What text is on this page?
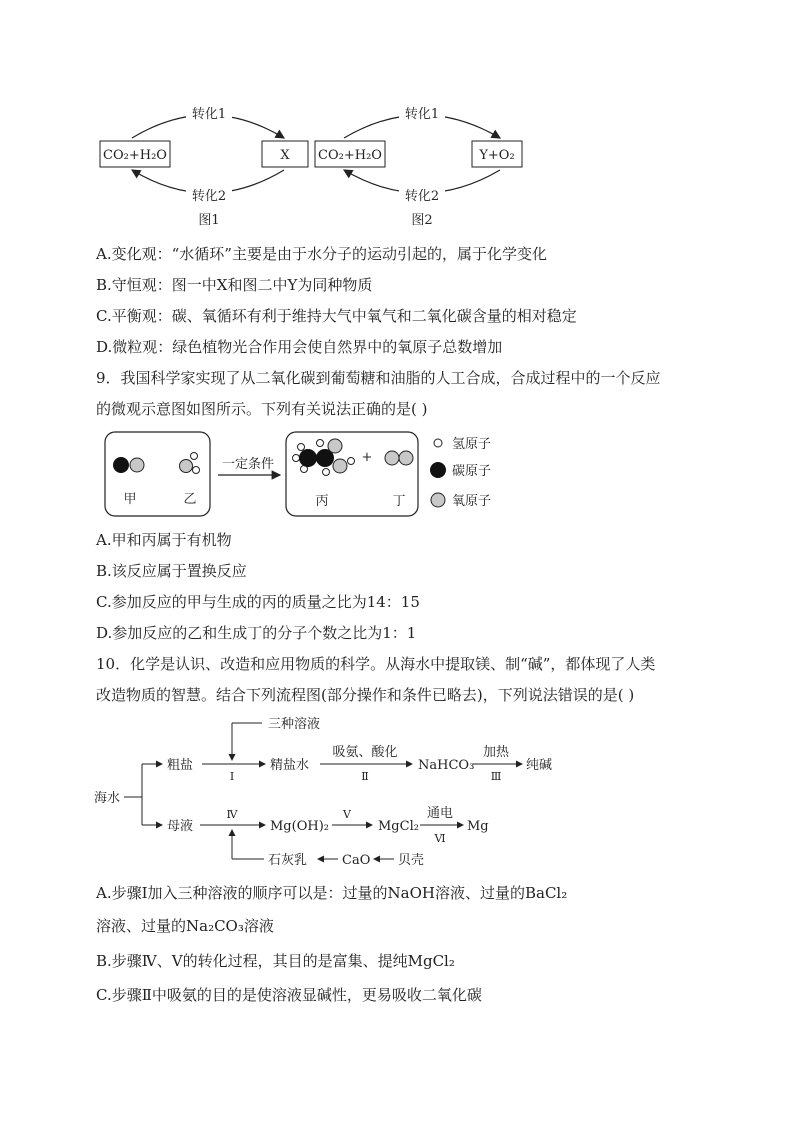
CO₂+H₂O	X
转化1
转化2
图1
CO₂+H₂O	Y+O₂
转化1
转化2
图2
A.变化观：“水循环”主要是由于水分子的运动引起的，属于化学变化
B.守恒观：图一中X和图二中Y为同种物质
C.平衡观：碳、氧循环有利于维持大气中氧气和二氧化碳含量的相对稳定
D.微粒观：绿色植物光合作用会使自然界中的氧原子总数增加
9．我国科学家实现了从二氧化碳到葡萄糖和油脂的人工合成，合成过程中的一个反应
的微观示意图如图所示。下列有关说法正确的是( )
甲	乙
一定条件	+
丙	丁
氢原子
碳原子
氧原子
A.甲和丙属于有机物
B.该反应属于置换反应
C.参加反应的甲与生成的丙的质量之比为14：15
D.参加反应的乙和生成丁的分子个数之比为1：1
10．化学是认识、改造和应用物质的科学。从海水中提取镁、制“碱”，都体现了人类
改造物质的智慧。结合下列流程图(部分操作和条件已略去)，下列说法错误的是( )
海水
粗盐
三种溶液
Ⅰ
精盐水
吸氨、酸化
Ⅱ
NaHCO₃
加热
Ⅲ
纯碱
母液
Ⅳ
Mg(OH)₂
Ⅴ
MgCl₂
通电
Ⅵ
Mg
贝壳
CaO
石灰乳
A.步骤Ⅰ加入三种溶液的顺序可以是：过量的NaOH溶液、过量的BaCl₂
溶液、过量的Na₂CO₃溶液
B.步骤Ⅳ、Ⅴ的转化过程，其目的是富集、提纯MgCl₂
C.步骤Ⅱ中吸氨的目的是使溶液显碱性，更易吸收二氧化碳
